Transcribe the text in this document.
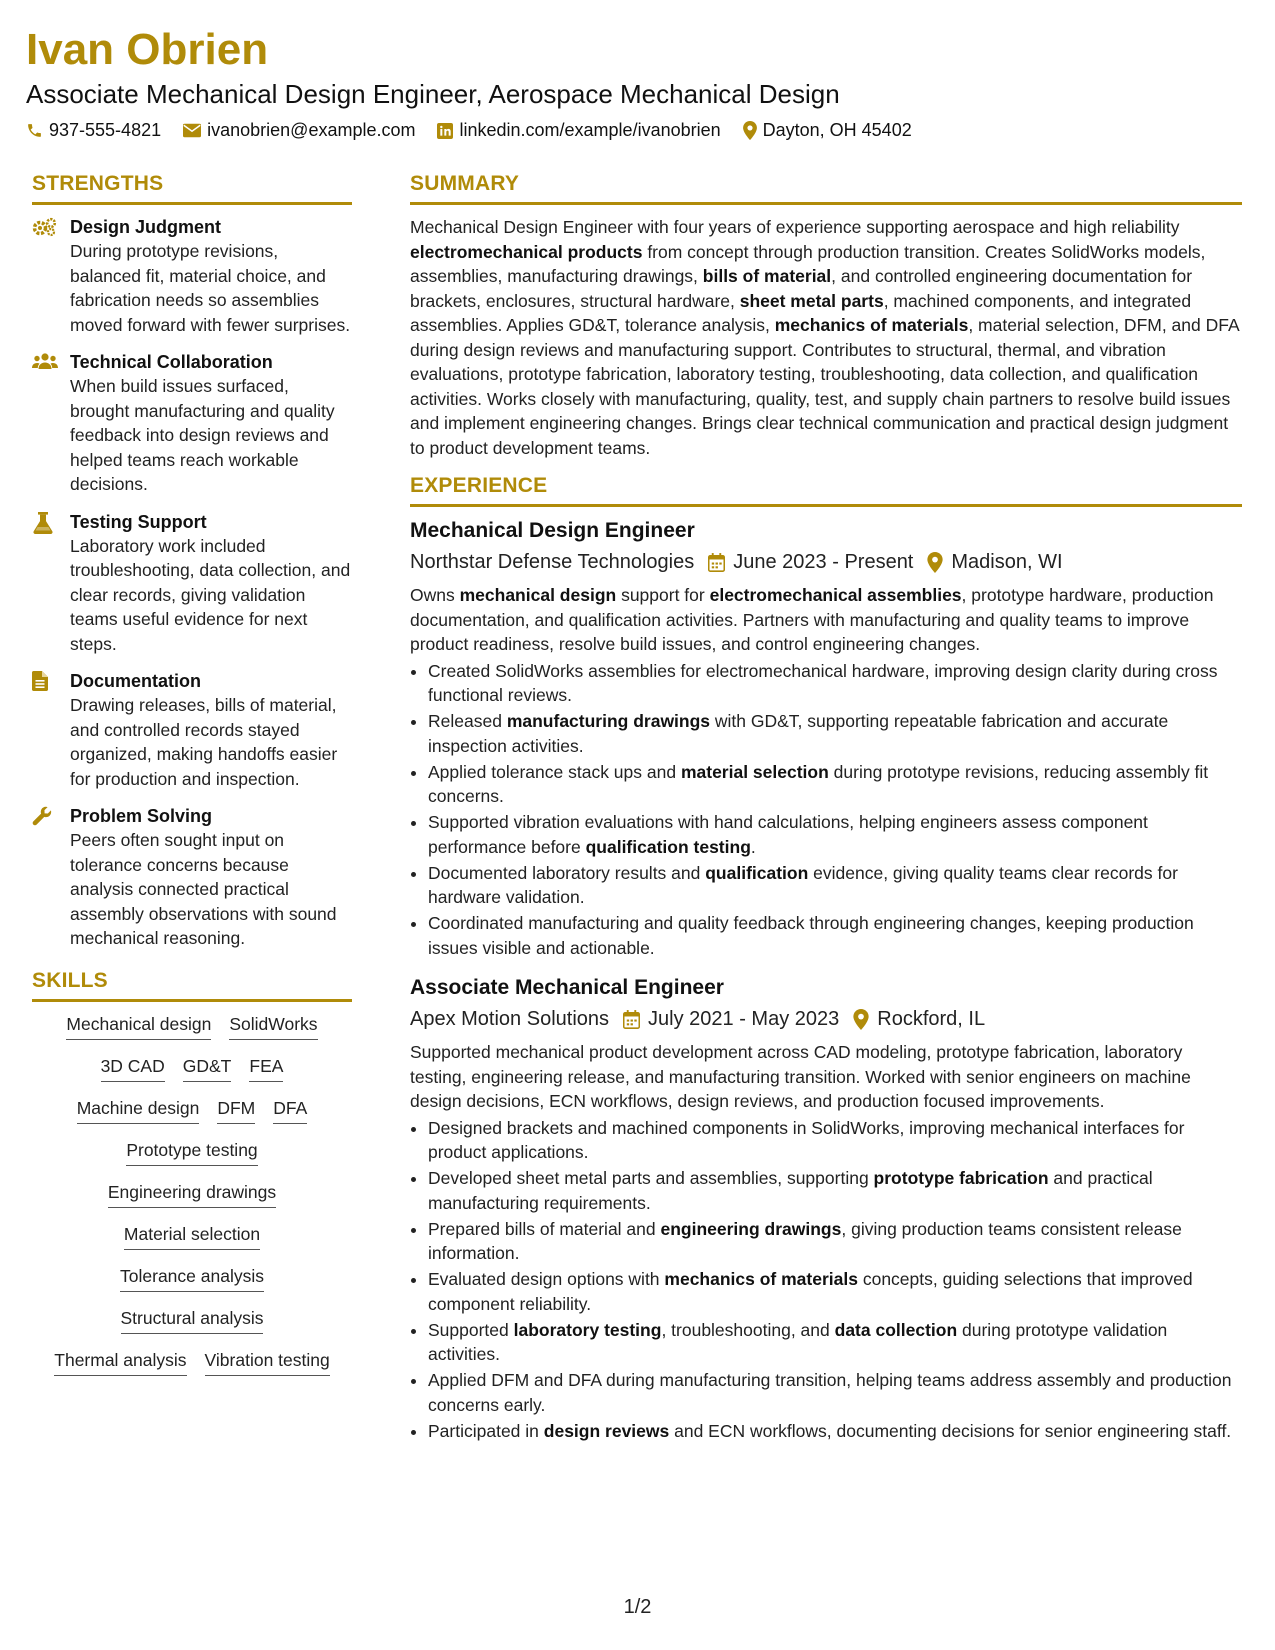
Ivan Obrien
Associate Mechanical Design Engineer, Aerospace Mechanical Design
937-555-4821	ivanobrien@example.com linkedin.com/example/ivanobrien Dayton, OH 45402
STRENGTHS
Design Judgment
During prototype revisions, balanced fit, material choice, and fabrication needs so assemblies moved forward with fewer surprises.
Technical Collaboration
When build issues surfaced, brought manufacturing and quality feedback into design reviews and helped teams reach workable decisions.
Testing Support
Laboratory work included troubleshooting, data collection, and clear records, giving validation teams useful evidence for next steps.
Documentation
Drawing releases, bills of material, and controlled records stayed organized, making handoffs easier for production and inspection.
Problem Solving
Peers often sought input on tolerance concerns because analysis connected practical assembly observations with sound mechanical reasoning.
SKILLS
Mechanical design SolidWorks
3D CAD GD&T FEA
Machine design DFM DFA
Prototype testing
Engineering drawings
Material selection
Tolerance analysis
Structural analysis
Thermal analysis Vibration testing
SUMMARY
Mechanical Design Engineer with four years of experience supporting aerospace and high reliability electromechanical products from concept through production transition. Creates SolidWorks models, assemblies, manufacturing drawings, bills of material, and controlled engineering documentation for brackets, enclosures, structural hardware, sheet metal parts, machined components, and integrated assemblies. Applies GD&T, tolerance analysis, mechanics of materials, material selection, DFM, and DFA during design reviews and manufacturing support. Contributes to structural, thermal, and vibration evaluations, prototype fabrication, laboratory testing, troubleshooting, data collection, and qualification activities. Works closely with manufacturing, quality, test, and supply chain partners to resolve build issues and implement engineering changes. Brings clear technical communication and practical design judgment to product development teams.
EXPERIENCE
Mechanical Design Engineer
Northstar Defense Technologies June 2023 - Present Madison, WI
Owns mechanical design support for electromechanical assemblies, prototype hardware, production documentation, and qualification activities. Partners with manufacturing and quality teams to improve product readiness, resolve build issues, and control engineering changes.
• Created SolidWorks assemblies for electromechanical hardware, improving design clarity during cross functional reviews.
• Released manufacturing drawings with GD&T, supporting repeatable fabrication and accurate inspection activities.
• Applied tolerance stack ups and material selection during prototype revisions, reducing assembly fit concerns.
• Supported vibration evaluations with hand calculations, helping engineers assess component performance before qualification testing.
• Documented laboratory results and qualification evidence, giving quality teams clear records for hardware validation.
• Coordinated manufacturing and quality feedback through engineering changes, keeping production issues visible and actionable.
Associate Mechanical Engineer
Apex Motion Solutions July 2021 - May 2023 Rockford, IL
Supported mechanical product development across CAD modeling, prototype fabrication, laboratory testing, engineering release, and manufacturing transition. Worked with senior engineers on machine design decisions, ECN workflows, design reviews, and production focused improvements.
• Designed brackets and machined components in SolidWorks, improving mechanical interfaces for product applications.
• Developed sheet metal parts and assemblies, supporting prototype fabrication and practical manufacturing requirements.
• Prepared bills of material and engineering drawings, giving production teams consistent release information.
• Evaluated design options with mechanics of materials concepts, guiding selections that improved component reliability.
• Supported laboratory testing, troubleshooting, and data collection during prototype validation activities.
• Applied DFM and DFA during manufacturing transition, helping teams address assembly and production concerns early.
• Participated in design reviews and ECN workflows, documenting decisions for senior engineering staff.
1/2
